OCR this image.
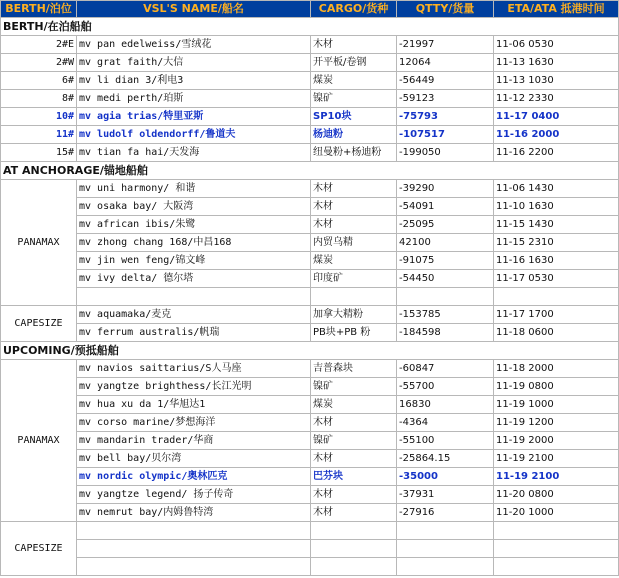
BERTH/泊位	VSL'S NAME/船名	CARGO/货种	QTTY/货量	ETA/ATA 抵港时间
BERTH/在泊船舶				
2#E	mv pan edelweiss/雪绒花	木材	-21997	11-06 0530
2#W	mv grat faith/大信	开平板/卷钢	12064	11-13 1630
6#	mv li dian 3/利电3	煤炭	-56449	11-13 1030
8#	mv medi perth/珀斯	镍矿	-59123	11-12 2330
10#	mv agia trias/特里亚斯	SP10块	-75793	11-17 0400
11#	mv ludolf oldendorff/鲁道夫	杨迪粉	-107517	11-16 2000
15#	mv tian fa hai/天发海	纽曼粉+杨迪粉	-199050	11-16 2200
AT ANCHORAGE/锚地船舶				
PANAMAX	mv uni harmony/ 和谐	木材	-39290	11-06 1430
	mv osaka bay/ 大阪湾	木材	-54091	11-10 1630
	mv african ibis/朱鹭	木材	-25095	11-15 1430
	mv zhong chang 168/中昌168	内贸乌精	42100	11-15 2310
	mv jin wen feng/锦文峰	煤炭	-91075	11-16 1630
	mv ivy delta/ 德尔塔	印度矿	-54450	11-17 0530

CAPESIZE	mv aquamaka/麦克	加拿大精粉	-153785	11-17 1700
	mv ferrum australis/帆瑞	PB块+PB 粉	-184598	11-18 0600
UPCOMING/预抵船舶				
PANAMAX	mv navios saittarius/S人马座	吉普森块	-60847	11-18 2000
	mv yangtze brighthess/长江光明	镍矿	-55700	11-19 0800
	mv hua xu da 1/华旭达1	煤炭	16830	11-19 1000
	mv corso marine/梦想海洋	木材	-4364	11-19 1200
	mv mandarin trader/华商	镍矿	-55100	11-19 2000
	mv bell bay/贝尔湾	木材	-25864.15	11-19 2100
	mv nordic olympic/奥林匹克	巴芬块	-35000	11-19 2100
	mv yangtze legend/ 扬子传奇	木材	-37931	11-20 0800
	mv nemrut bay/内姆鲁特湾	木材	-27916	11-20 1000
CAPESIZE				
